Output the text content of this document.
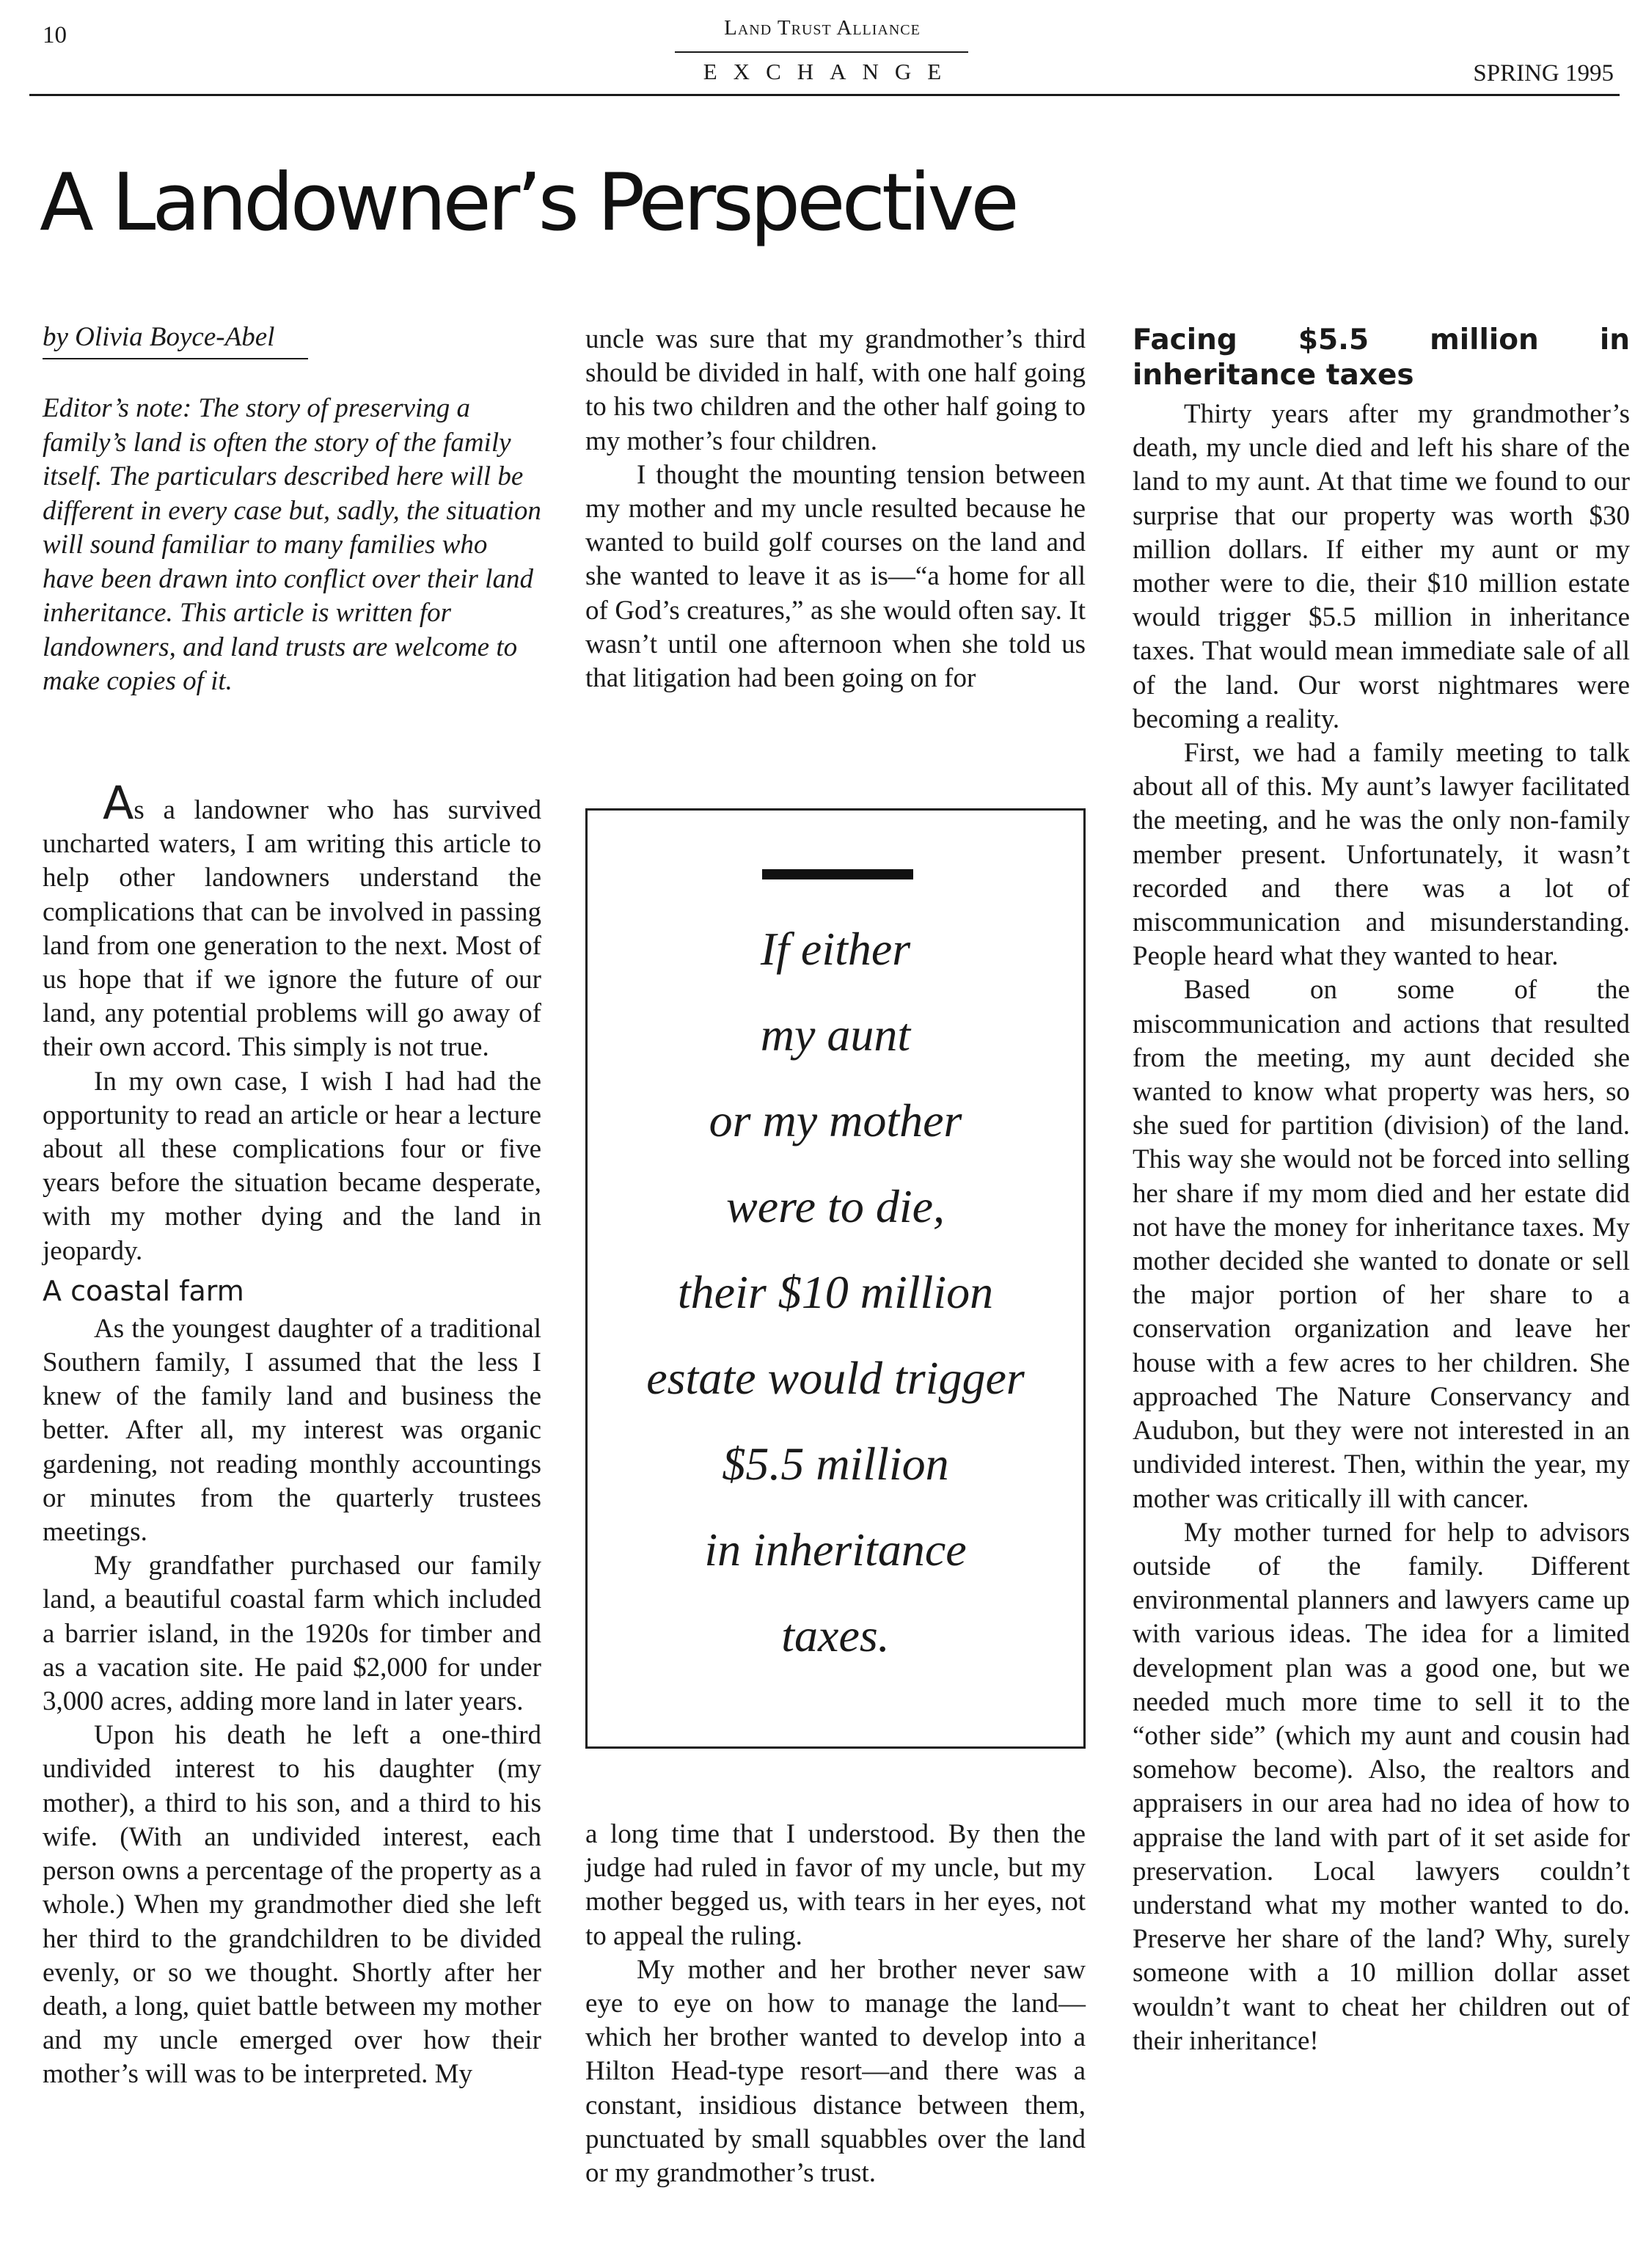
10	Land Trust Alliance
EXCHANGE	SPRING 1995
A Landowner’s Perspective
by Olivia Boyce-Abel
Editor’s note: The story of preserving a family’s land is often the story of the family itself. The particulars described here will be different in every case but, sadly, the situation will sound familiar to many families who have been drawn into conflict over their land inheritance. This article is written for landowners, and land trusts are welcome to make copies of it.

As a landowner who has survived uncharted waters, I am writing this article to help other landowners understand the complications that can be involved in passing land from one generation to the next. Most of us hope that if we ignore the future of our land, any potential problems will go away of their own accord. This simply is not true.

In my own case, I wish I had had the opportunity to read an article or hear a lecture about all these complications four or five years before the situation became desperate, with my mother dying and the land in jeopardy.

A coastal farm

As the youngest daughter of a traditional Southern family, I assumed that the less I knew of the family land and business the better. After all, my interest was organic gardening, not reading monthly accountings or minutes from the quarterly trustees meetings.

My grandfather purchased our family land, a beautiful coastal farm which included a barrier island, in the 1920s for timber and as a vacation site. He paid $2,000 for under 3,000 acres, adding more land in later years.

Upon his death he left a one-third undivided interest to his daughter (my mother), a third to his son, and a third to his wife. (With an undivided interest, each person owns a percentage of the property as a whole.) When my grandmother died she left her third to the grandchildren to be divided evenly, or so we thought. Shortly after her death, a long, quiet battle between my mother and my uncle emerged over how their mother’s will was to be interpreted. My

uncle was sure that my grandmother’s third should be divided in half, with one half going to his two children and the other half going to my mother’s four children.

I thought the mounting tension between my mother and my uncle resulted because he wanted to build golf courses on the land and she wanted to leave it as is—“a home for all of God’s creatures,” as she would often say. It wasn’t until one afternoon when she told us that litigation had been going on for

If either
my aunt
or my mother
were to die,
their $10 million
estate would trigger
$5.5 million
in inheritance
taxes.

a long time that I understood. By then the judge had ruled in favor of my uncle, but my mother begged us, with tears in her eyes, not to appeal the ruling.

My mother and her brother never saw eye to eye on how to manage the land—which her brother wanted to develop into a Hilton Head-type resort—and there was a constant, insidious distance between them, punctuated by small squabbles over the land or my grandmother’s trust.

Facing $5.5 million in inheritance taxes

Thirty years after my grandmother’s death, my uncle died and left his share of the land to my aunt. At that time we found to our surprise that our property was worth $30 million dollars. If either my aunt or my mother were to die, their $10 million estate would trigger $5.5 million in inheritance taxes. That would mean immediate sale of all of the land. Our worst nightmares were becoming a reality.

First, we had a family meeting to talk about all of this. My aunt’s lawyer facilitated the meeting, and he was the only non-family member present. Unfortunately, it wasn’t recorded and there was a lot of miscommunication and misunderstanding. People heard what they wanted to hear.

Based on some of the miscommunication and actions that resulted from the meeting, my aunt decided she wanted to know what property was hers, so she sued for partition (division) of the land. This way she would not be forced into selling her share if my mom died and her estate did not have the money for inheritance taxes. My mother decided she wanted to donate or sell the major portion of her share to a conservation organization and leave her house with a few acres to her children. She approached The Nature Conservancy and Audubon, but they were not interested in an undivided interest. Then, within the year, my mother was critically ill with cancer.

My mother turned for help to advisors outside of the family. Different environmental planners and lawyers came up with various ideas. The idea for a limited development plan was a good one, but we needed much more time to sell it to the “other side” (which my aunt and cousin had somehow become). Also, the realtors and appraisers in our area had no idea of how to appraise the land with part of it set aside for preservation. Local lawyers couldn’t understand what my mother wanted to do. Preserve her share of the land? Why, surely someone with a 10 million dollar asset wouldn’t want to cheat her children out of their inheritance!
